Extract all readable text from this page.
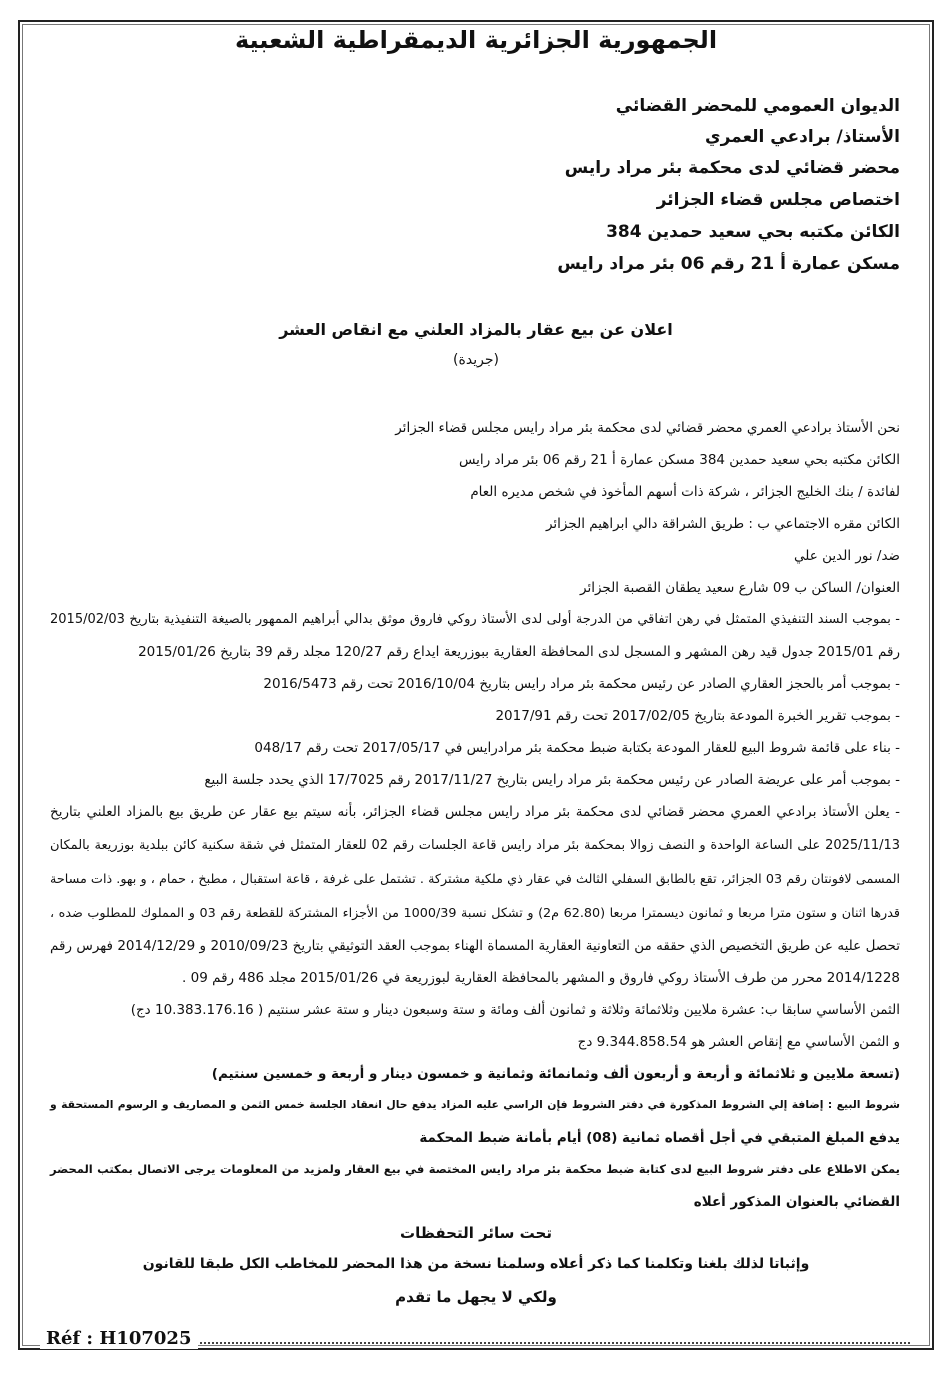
الجمهورية الجزائرية الديمقراطية الشعبية
الديوان العمومي للمحضر القضائي
الأستاذ/ برادعي العمري
محضر قضائي لدى محكمة بئر مراد رايس
اختصاص مجلس قضاء الجزائر
الكائن مكتبه بحي سعيد حمدين 384
مسكن عمارة أ 21 رقم 06 بئر مراد رايس
اعلان عن بيع عقار بالمزاد العلني مع انقاص العشر
(جريدة)
نحن الأستاذ برادعي العمري محضر قضائي لدى محكمة بئر مراد رايس مجلس قضاء الجزائر
الكائن مكتبه بحي سعيد حمدين 384 مسكن عمارة أ 21 رقم 06 بئر مراد رايس
لفائدة / بنك الخليج الجزائر ، شركة ذات أسهم المأخوذ في شخص مديره العام
الكائن مقره الاجتماعي ب : طريق الشراقة دالي ابراهيم الجزائر
ضد/ نور الدين علي
العنوان/ الساكن ب 09 شارع سعيد يطقان القصبة الجزائر
- بموجب السند التنفيذي المتمثل في رهن اتفاقي من الدرجة أولى لدى الأستاذ روكي فاروق موثق بدالي أبراهيم الممهور بالصيغة التنفيذية بتاريخ 2015/02/03
رقم 2015/01 جدول قيد رهن المشهر و المسجل لدى المحافظة العقارية ببوزريعة ايداع رقم 120/27 مجلد رقم 39 بتاريخ 2015/01/26
- بموجب أمر بالحجز العقاري الصادر عن رئيس محكمة بئر مراد رايس بتاريخ 2016/10/04 تحت رقم 2016/5473
- بموجب تقرير الخبرة المودعة بتاريخ 2017/02/05 تحت رقم 2017/91
- بناء على قائمة شروط البيع للعقار المودعة بكتابة ضبط محكمة بئر مرادرايس في 2017/05/17 تحت رقم 048/17
- بموجب أمر على عريضة الصادر عن رئيس محكمة بئر مراد رايس بتاريخ 2017/11/27 رقم 17/7025 الذي يحدد جلسة البيع
- يعلن الأستاذ برادعي العمري محضر قضائي لدى محكمة بئر مراد رايس مجلس قضاء الجزائر، بأنه سيتم بيع عقار عن طريق بيع بالمزاد العلني بتاريخ
2025/11/13 على الساعة الواحدة و النصف زوالا بمحكمة بئر مراد رايس قاعة الجلسات رقم 02 للعقار المتمثل في شقة سكنية كائن ببلدية بوزريعة بالمكان
المسمى لافونتان رقم 03 الجزائر، تقع بالطابق السفلي الثالث في عقار ذي ملكية مشتركة . تشتمل على غرفة ، قاعة استقبال ، مطبخ ، حمام ، و بهو. ذات مساحة
قدرها اثنان و ستون مترا مربعا و ثمانون ديسمترا مربعا (62.80 م2) و تشكل نسبة 1000/39 من الأجزاء المشتركة للقطعة رقم 03 و المملوك للمطلوب ضده ،
تحصل عليه عن طريق التخصيص الذي حققه من التعاونية العقارية المسماة الهناء بموجب العقد التوثيقي بتاريخ 2010/09/23 و 2014/12/29 فهرس رقم
2014/1228 محرر من طرف الأستاذ روكي فاروق و المشهر بالمحافظة العقارية لبوزريعة في 2015/01/26 مجلد 486 رقم 09 .
الثمن الأساسي سابقا ب: عشرة ملايين وثلاثمائة وثلاثة و ثمانون ألف ومائة و ستة وسبعون دينار و ستة عشر سنتيم ( 10.383.176.16 دج)
و الثمن الأساسي مع إنقاص العشر هو 9.344.858.54 دج
(تسعة ملايين و ثلاثمائة و أربعة و أربعون ألف وثمانمائة وثمانية و خمسون دينار و أربعة و خمسين سنتيم)
شروط البيع : إضافة إلي الشروط المذكورة في دفتر الشروط فإن الراسي عليه المزاد يدفع حال انعقاد الجلسة خمس الثمن و المصاريف و الرسوم المستحقة و
يدفع المبلغ المتبقي في أجل أقصاه ثمانية (08) أيام بأمانة ضبط المحكمة
يمكن الاطلاع على دفتر شروط البيع لدى كتابة ضبط محكمة بئر مراد رايس المختصة في بيع العقار ولمزيد من المعلومات يرجى الاتصال بمكتب المحضر
القضائي بالعنوان المذكور أعلاه
تحت سائر التحفظات
وإثباتا لذلك بلغنا وتكلمنا كما ذكر أعلاه وسلمنا نسخة من هذا المحضر للمخاطب الكل طبقا للقانون
ولكي لا يجهل ما تقدم
Réf : H107025
